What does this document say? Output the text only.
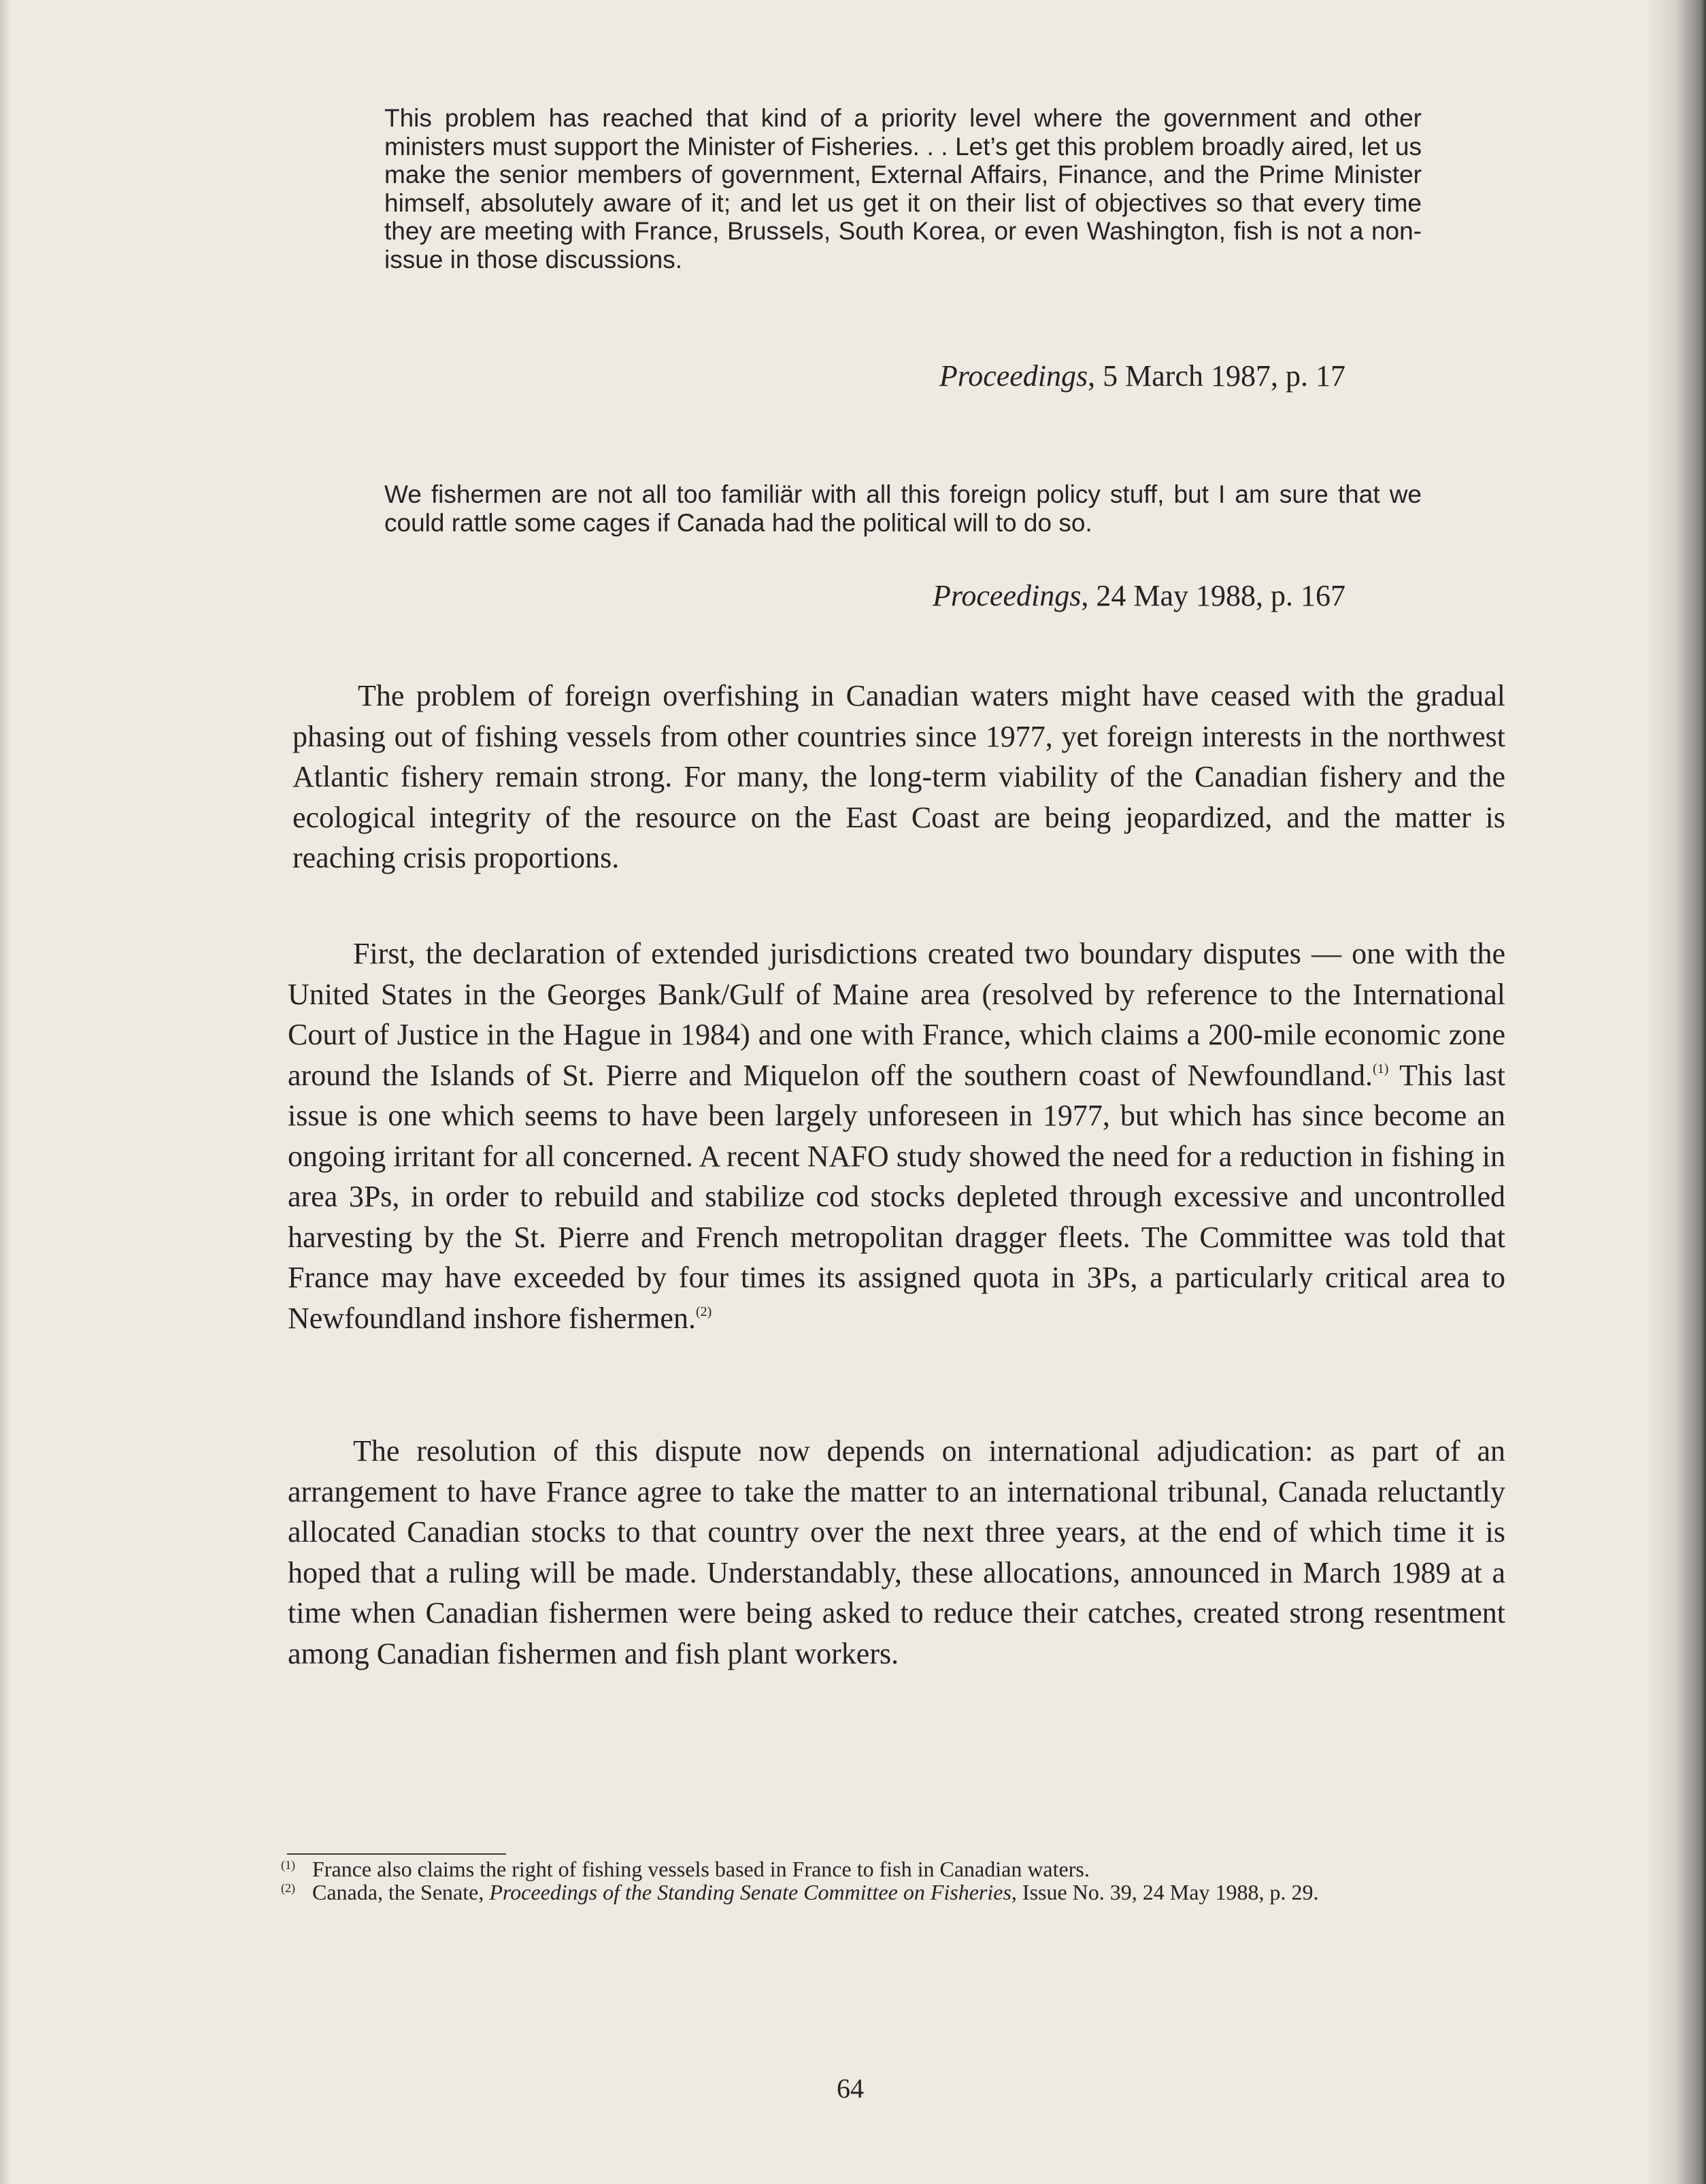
This problem has reached that kind of a priority level where the government and other ministers must support the Minister of Fisheries. . . Let’s get this problem broadly aired, let us make the senior members of government, External Affairs, Finance, and the Prime Minister himself, absolutely aware of it; and let us get it on their list of objectives so that every time they are meeting with France, Brussels, South Korea, or even Washington, fish is not a non-issue in those discussions.

Proceedings, 5 March 1987, p. 17

We fishermen are not all too familiär with all this foreign policy stuff, but I am sure that we could rattle some cages if Canada had the political will to do so.

Proceedings, 24 May 1988, p. 167

The problem of foreign overfishing in Canadian waters might have ceased with the gradual phasing out of fishing vessels from other countries since 1977, yet foreign interests in the northwest Atlantic fishery remain strong. For many, the long-term viability of the Canadian fishery and the ecological integrity of the resource on the East Coast are being jeopardized, and the matter is reaching crisis proportions.

First, the declaration of extended jurisdictions created two boundary disputes — one with the United States in the Georges Bank/Gulf of Maine area (resolved by reference to the International Court of Justice in the Hague in 1984) and one with France, which claims a 200-mile economic zone around the Islands of St. Pierre and Miquelon off the southern coast of Newfoundland.$^{(1)}$ This last issue is one which seems to have been largely unforeseen in 1977, but which has since become an ongoing irritant for all concerned. A recent NAFO study showed the need for a reduction in fishing in area 3Ps, in order to rebuild and stabilize cod stocks depleted through excessive and uncontrolled harvesting by the St. Pierre and French metropolitan dragger fleets. The Committee was told that France may have exceeded by four times its assigned quota in 3Ps, a particularly critical area to Newfoundland inshore fishermen.$^{(2)}$

The resolution of this dispute now depends on international adjudication: as part of an arrangement to have France agree to take the matter to an international tribunal, Canada reluctantly allocated Canadian stocks to that country over the next three years, at the end of which time it is hoped that a ruling will be made. Understandably, these allocations, announced in March 1989 at a time when Canadian fishermen were being asked to reduce their catches, created strong resentment among Canadian fishermen and fish plant workers.

(1) France also claims the right of fishing vessels based in France to fish in Canadian waters.

(2) Canada, the Senate, Proceedings of the Standing Senate Committee on Fisheries, Issue No. 39, 24 May 1988, p. 29.

64
